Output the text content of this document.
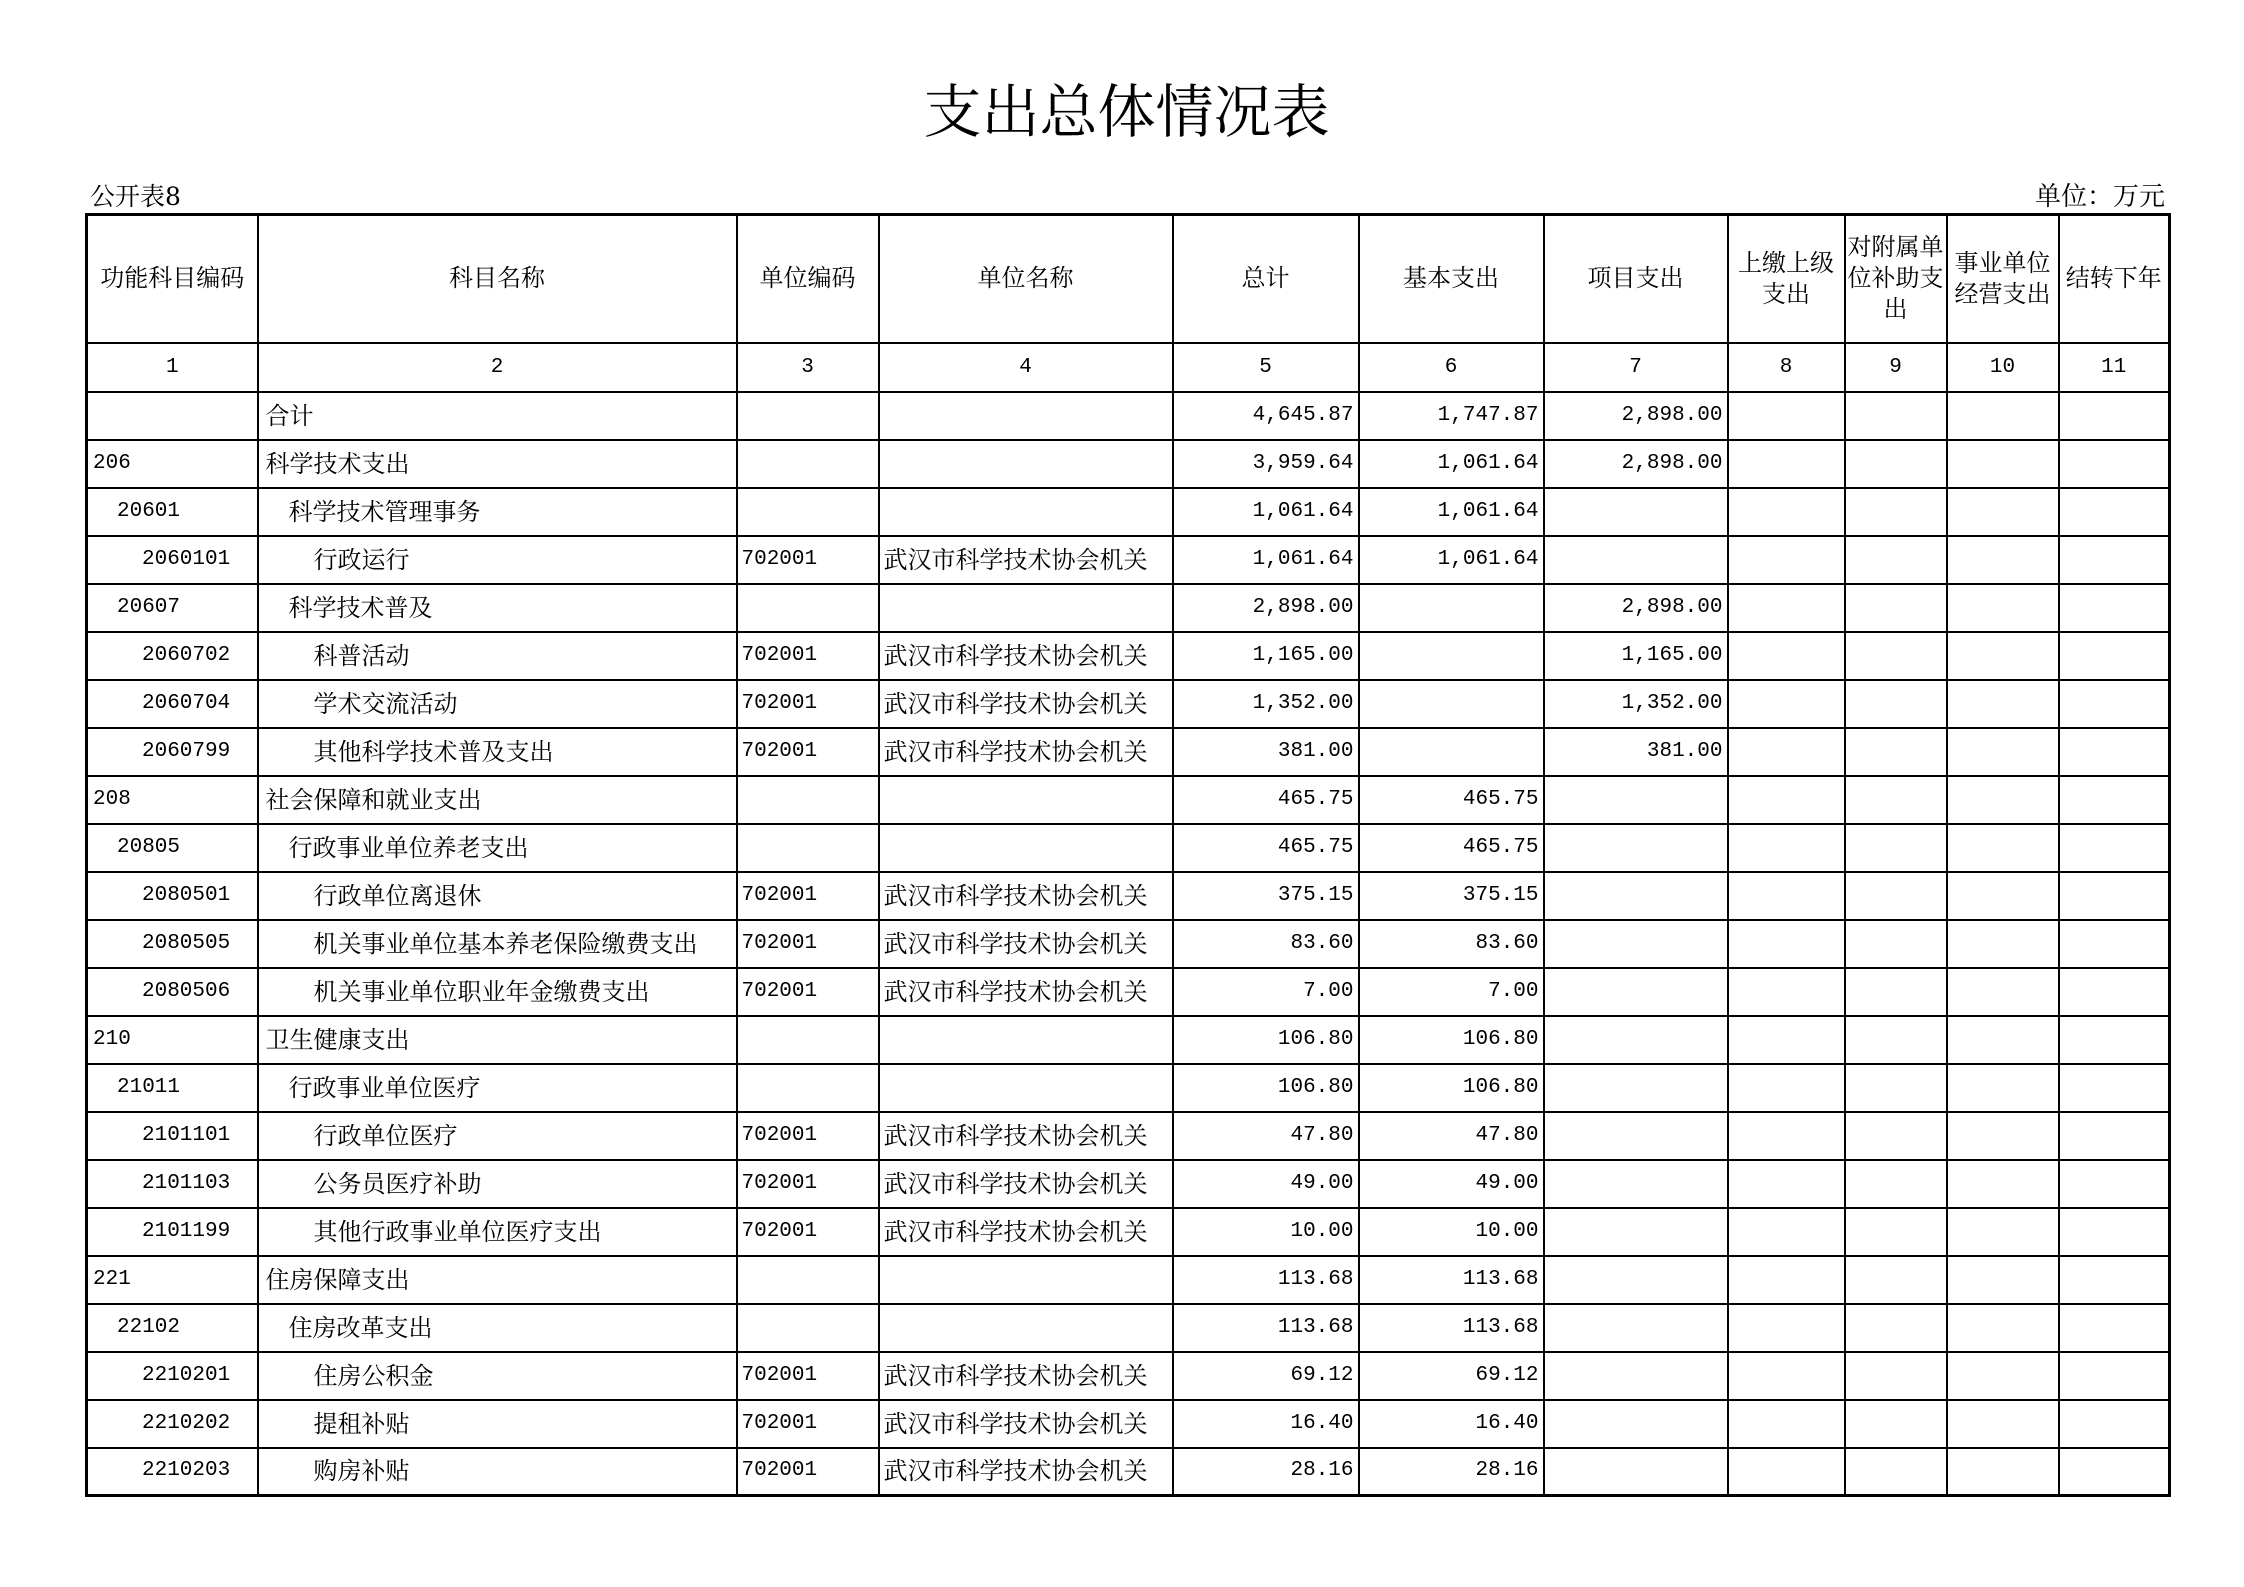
支出总体情况表
公开表8	单位：万元
功能科目编码	科目名称	单位编码	单位名称	总计	基本支出	项目支出	上缴上级支出	对附属单位补助支出	事业单位经营支出	结转下年
1	2	3	4	5	6	7	8	9	10	11
	合计			4,645.87	1,747.87	2,898.00				
206	科学技术支出			3,959.64	1,061.64	2,898.00				
20601	科学技术管理事务			1,061.64	1,061.64					
2060101	行政运行	702001	武汉市科学技术协会机关	1,061.64	1,061.64					
20607	科学技术普及			2,898.00		2,898.00				
2060702	科普活动	702001	武汉市科学技术协会机关	1,165.00		1,165.00				
2060704	学术交流活动	702001	武汉市科学技术协会机关	1,352.00		1,352.00				
2060799	其他科学技术普及支出	702001	武汉市科学技术协会机关	381.00		381.00				
208	社会保障和就业支出			465.75	465.75					
20805	行政事业单位养老支出			465.75	465.75					
2080501	行政单位离退休	702001	武汉市科学技术协会机关	375.15	375.15					
2080505	机关事业单位基本养老保险缴费支出	702001	武汉市科学技术协会机关	83.60	83.60					
2080506	机关事业单位职业年金缴费支出	702001	武汉市科学技术协会机关	7.00	7.00					
210	卫生健康支出			106.80	106.80					
21011	行政事业单位医疗			106.80	106.80					
2101101	行政单位医疗	702001	武汉市科学技术协会机关	47.80	47.80					
2101103	公务员医疗补助	702001	武汉市科学技术协会机关	49.00	49.00					
2101199	其他行政事业单位医疗支出	702001	武汉市科学技术协会机关	10.00	10.00					
221	住房保障支出			113.68	113.68					
22102	住房改革支出			113.68	113.68					
2210201	住房公积金	702001	武汉市科学技术协会机关	69.12	69.12					
2210202	提租补贴	702001	武汉市科学技术协会机关	16.40	16.40					
2210203	购房补贴	702001	武汉市科学技术协会机关	28.16	28.16					
